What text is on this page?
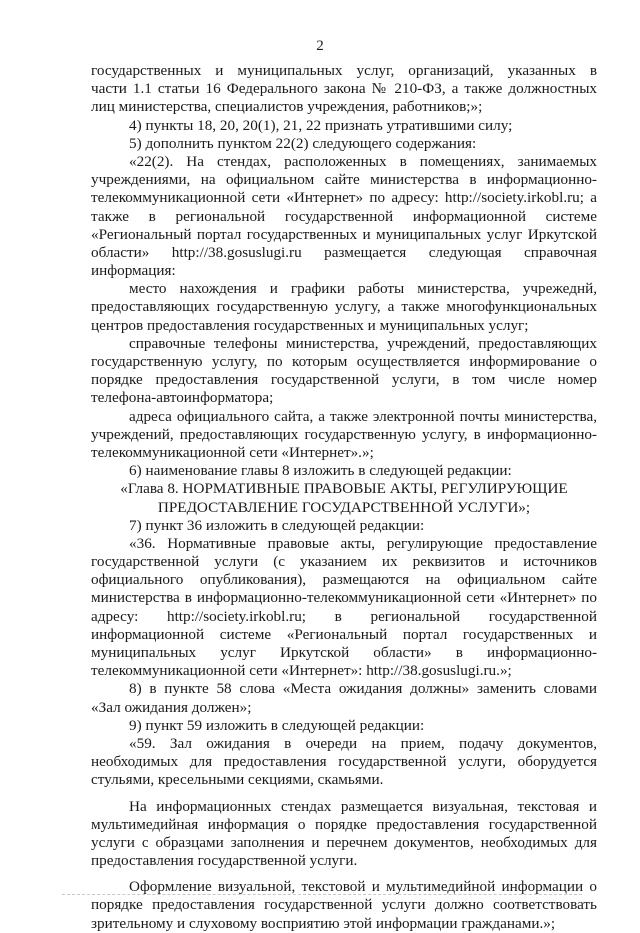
2
государственных и муниципальных услуг, организаций, указанных в
части 1.1 статьи 16 Федерального закона № 210-ФЗ, а также должностных
лиц министерства, специалистов учреждения, работников;»;
4) пункты 18, 20, 20(1), 21, 22 признать утратившими силу;
5) дополнить пунктом 22(2) следующего содержания:
«22(2). На стендах, расположенных в помещениях, занимаемых
учреждениями, на официальном сайте министерства в информационно-
телекоммуникационной сети «Интернет» по адресу: http://society.irkobl.ru; а
также в региональной государственной информационной системе
«Региональный портал государственных и муниципальных услуг Иркутской
области» http://38.gosuslugi.ru размещается следующая справочная
информация:
место нахождения и графики работы министерства, учрежеднй,
предоставляющих государственную услугу, а также многофункциональных
центров предоставления государственных и муниципальных услуг;
справочные телефоны министерства, учреждений, предоставляющих
государственную услугу, по которым осуществляется информирование о
порядке предоставления государственной услуги, в том числе номер
телефона-автоинформатора;
адреса официального сайта, а также электронной почты министерства,
учреждений, предоставляющих государственную услугу, в информационно-
телекоммуникационной сети «Интернет».»;
6) наименование главы 8 изложить в следующей редакции:
«Глава 8. НОРМАТИВНЫЕ ПРАВОВЫЕ АКТЫ, РЕГУЛИРУЮЩИЕ
ПРЕДОСТАВЛЕНИЕ ГОСУДАРСТВЕННОЙ УСЛУГИ»;
7) пункт 36 изложить в следующей редакции:
«36. Нормативные правовые акты, регулирующие предоставление
государственной услуги (с указанием их реквизитов и источников
официального опубликования), размещаются на официальном сайте
министерства в информационно-телекоммуникационной сети «Интернет» по
адресу: http://society.irkobl.ru; в региональной государственной
информационной системе «Региональный портал государственных и
муниципальных услуг Иркутской области» в информационно-
телекоммуникационной сети «Интернет»: http://38.gosuslugi.ru.»;
8) в пункте 58 слова «Места ожидания должны» заменить словами
«Зал ожидания должен»;
9) пункт 59 изложить в следующей редакции:
«59. Зал ожидания в очереди на прием, подачу документов,
необходимых для предоставления государственной услуги, оборудуется
стульями, кресельными секциями, скамьями.
На информационных стендах размещается визуальная, текстовая и
мультимедийная информация о порядке предоставления государственной
услуги с образцами заполнения и перечнем документов, необходимых для
предоставления государственной услуги.
Оформление визуальной, текстовой и мультимедийной информации о
порядке предоставления государственной услуги должно соответствовать
зрительному и слуховому восприятию этой информации гражданами.»;
